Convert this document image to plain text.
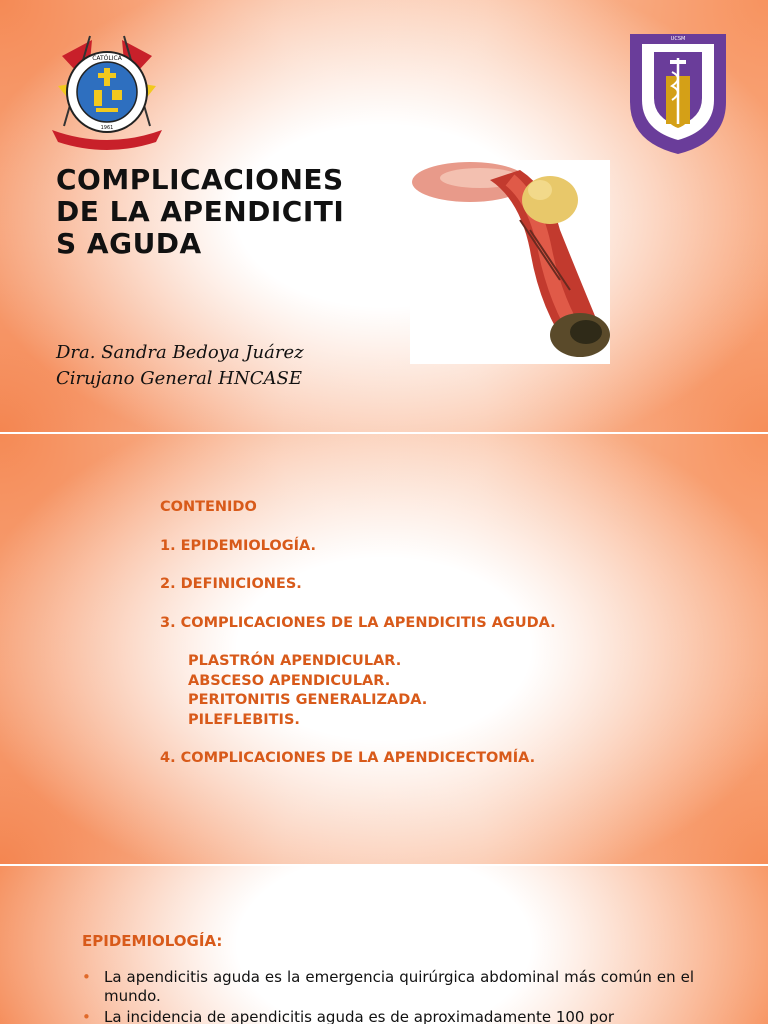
CATÓLICA
1961
UCSM
COMPLICACIONES DE LA APENDICITIS AGUDA
Dra. Sandra Bedoya Juárez
Cirujano General HNCASE
CONTENIDO
1. EPIDEMIOLOGÍA.
2. DEFINICIONES.
3. COMPLICACIONES DE LA APENDICITIS AGUDA.
PLASTRÓN APENDICULAR.
ABSCESO APENDICULAR.
PERITONITIS GENERALIZADA.
PILEFLEBITIS.
4. COMPLICACIONES DE LA APENDICECTOMÍA.
EPIDEMIOLOGÍA:
• La apendicitis aguda es la emergencia quirúrgica abdominal más común en el mundo.
• La incidencia de apendicitis aguda es de aproximadamente 100 por
